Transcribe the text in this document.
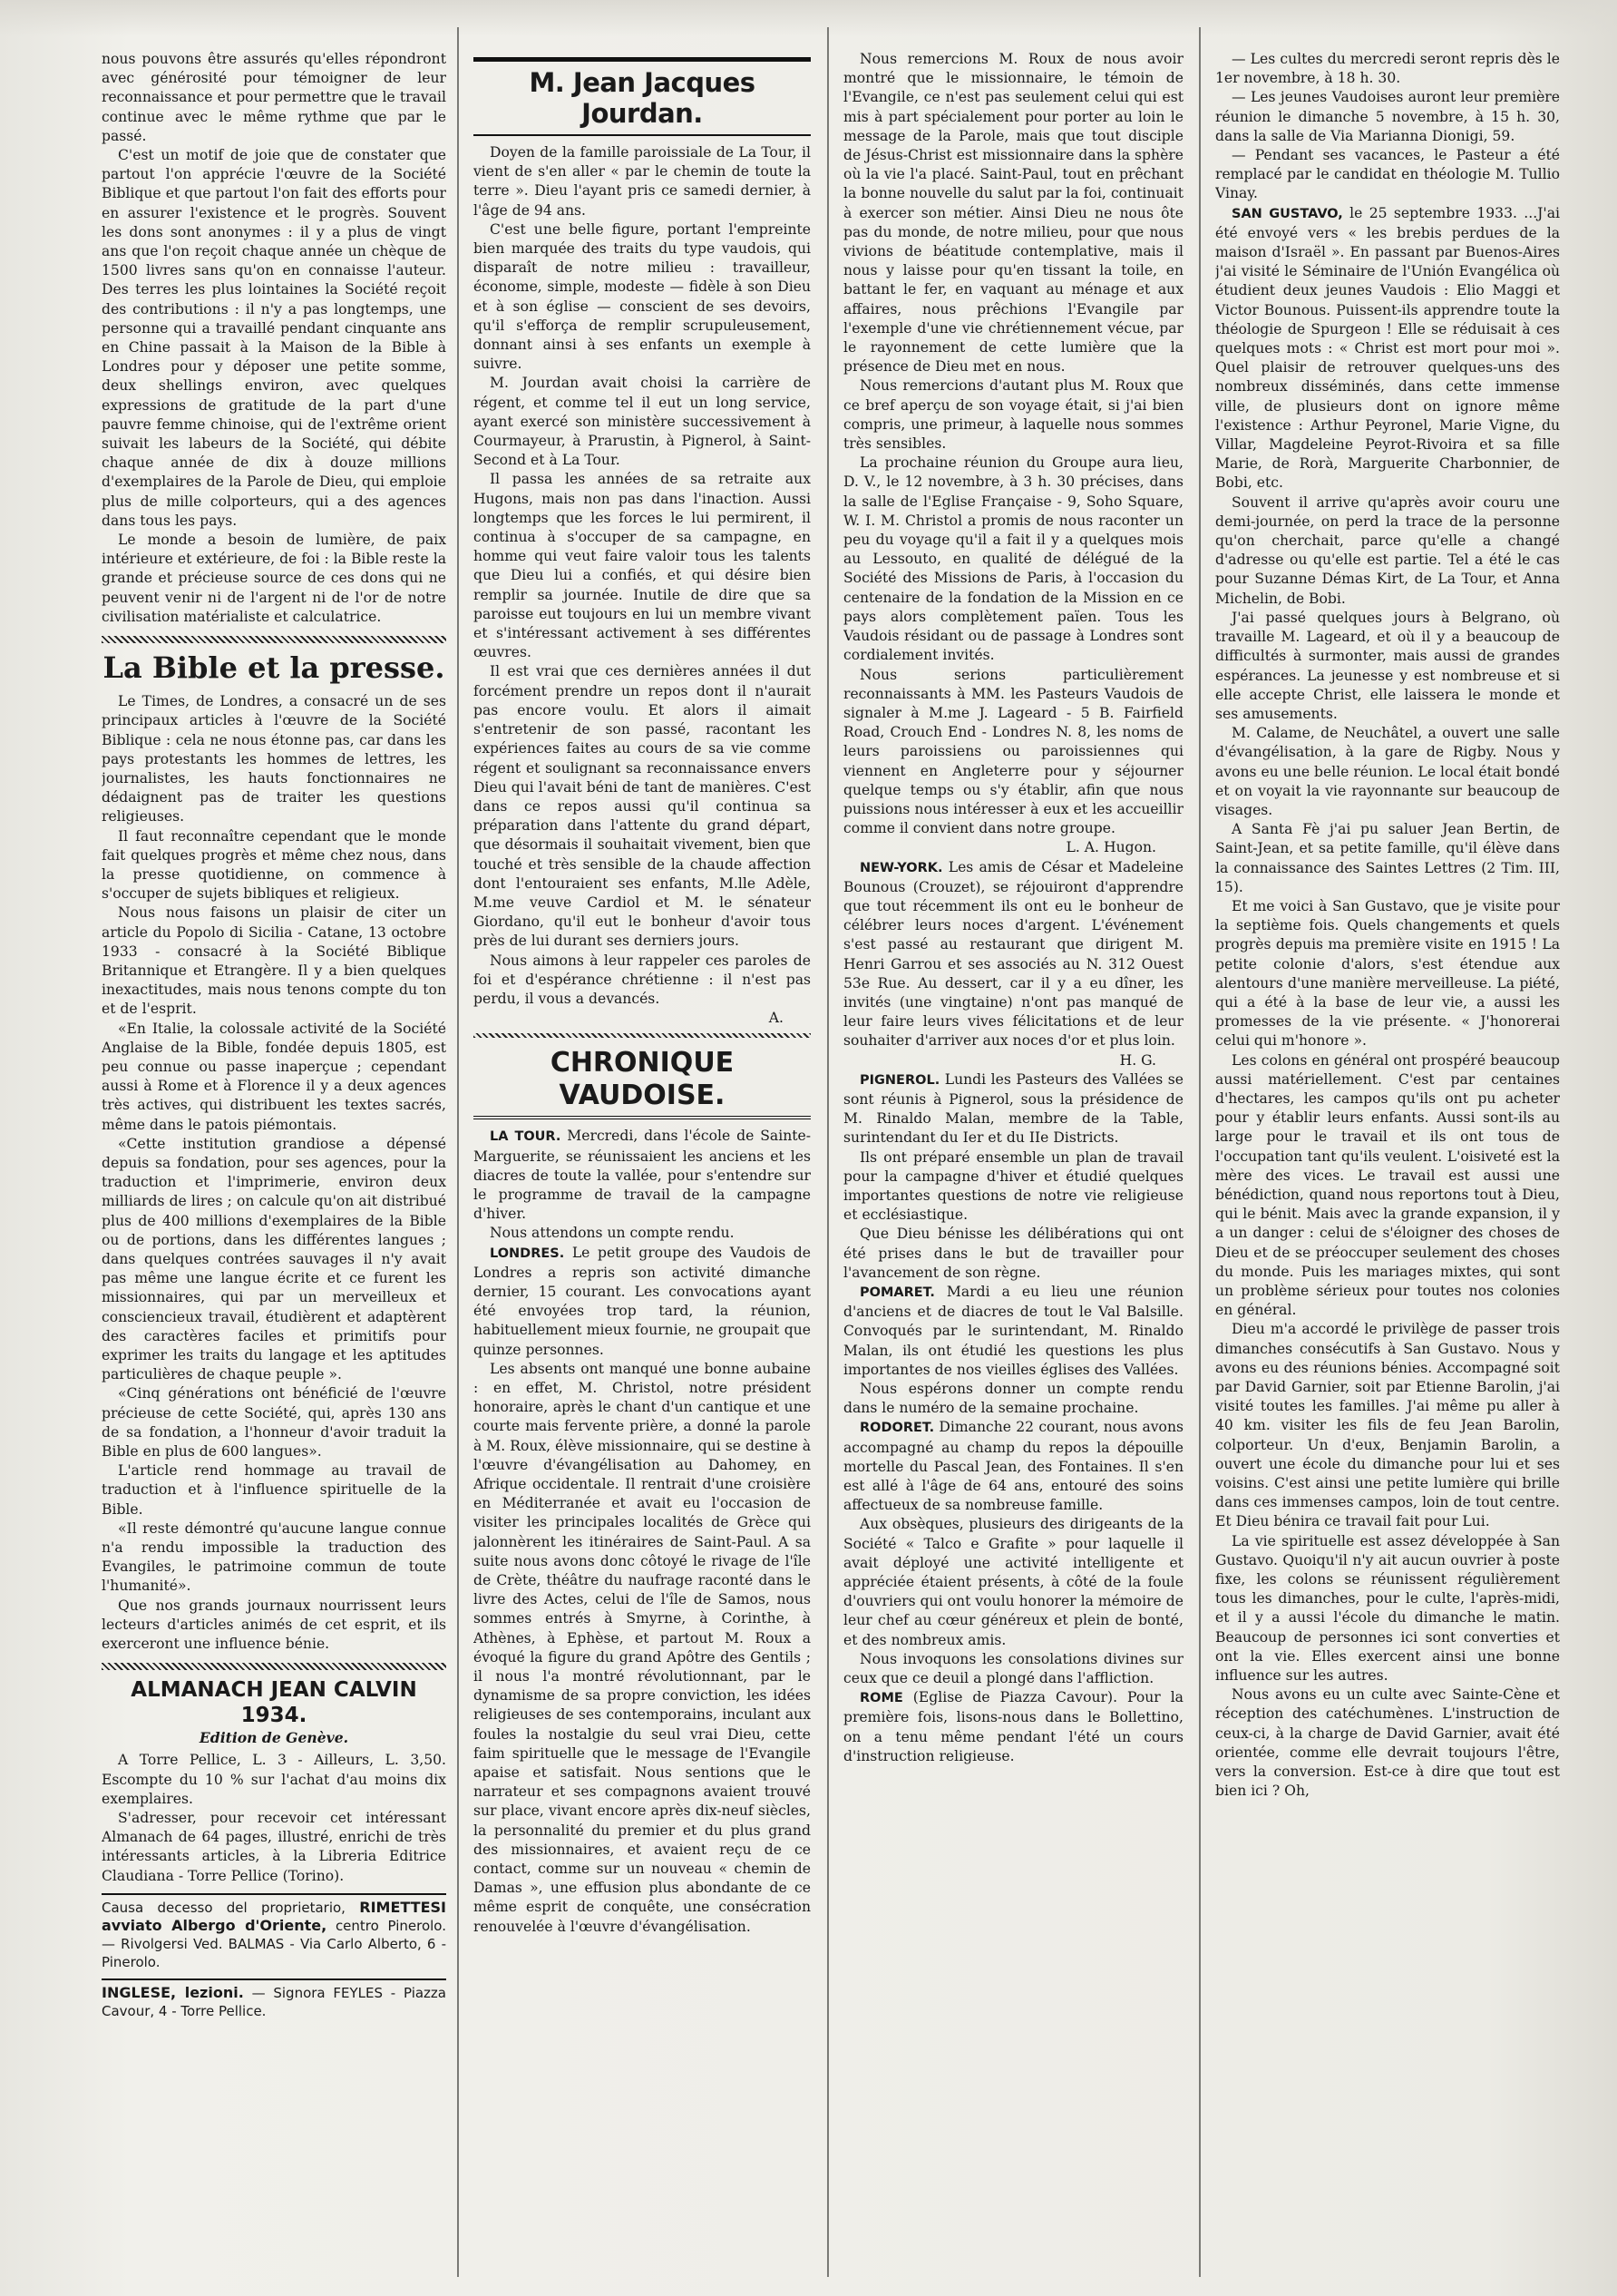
nous pouvons être assurés qu'elles répondront avec générosité pour témoigner de leur reconnaissance et pour permettre que le travail continue avec le même rythme que par le passé.

C'est un motif de joie que de constater que partout l'on apprécie l'œuvre de la Société Biblique et que partout l'on fait des efforts pour en assurer l'existence et le progrès. Souvent les dons sont anonymes : il y a plus de vingt ans que l'on reçoit chaque année un chèque de 1500 livres sans qu'on en connaisse l'auteur. Des terres les plus lointaines la Société reçoit des contributions : il n'y a pas longtemps, une personne qui a travaillé pendant cinquante ans en Chine passait à la Maison de la Bible à Londres pour y déposer une petite somme, deux shellings environ, avec quelques expressions de gratitude de la part d'une pauvre femme chinoise, qui de l'extrême orient suivait les labeurs de la Société, qui débite chaque année de dix à douze millions d'exemplaires de la Parole de Dieu, qui emploie plus de mille colporteurs, qui a des agences dans tous les pays.

Le monde a besoin de lumière, de paix intérieure et extérieure, de foi : la Bible reste la grande et précieuse source de ces dons qui ne peuvent venir ni de l'argent ni de l'or de notre civilisation matérialiste et calculatrice.

La Bible et la presse.

Le Times, de Londres, a consacré un de ses principaux articles à l'œuvre de la Société Biblique : cela ne nous étonne pas, car dans les pays protestants les hommes de lettres, les journalistes, les hauts fonctionnaires ne dédaignent pas de traiter les questions religieuses.

Il faut reconnaître cependant que le monde fait quelques progrès et même chez nous, dans la presse quotidienne, on commence à s'occuper de sujets bibliques et religieux.

Nous nous faisons un plaisir de citer un article du Popolo di Sicilia - Catane, 13 octobre 1933 - consacré à la Société Biblique Britannique et Etrangère. Il y a bien quelques inexactitudes, mais nous tenons compte du ton et de l'esprit.

«En Italie, la colossale activité de la Société Anglaise de la Bible, fondée depuis 1805, est peu connue ou passe inaperçue ; cependant aussi à Rome et à Florence il y a deux agences très actives, qui distribuent les textes sacrés, même dans le patois piémontais.

«Cette institution grandiose a dépensé depuis sa fondation, pour ses agences, pour la traduction et l'imprimerie, environ deux milliards de lires ; on calcule qu'on ait distribué plus de 400 millions d'exemplaires de la Bible ou de portions, dans les différentes langues ; dans quelques contrées sauvages il n'y avait pas même une langue écrite et ce furent les missionnaires, qui par un merveilleux et consciencieux travail, étudièrent et adaptèrent des caractères faciles et primitifs pour exprimer les traits du langage et les aptitudes particulières de chaque peuple ».

«Cinq générations ont bénéficié de l'œuvre précieuse de cette Société, qui, après 130 ans de sa fondation, a l'honneur d'avoir traduit la Bible en plus de 600 langues».

L'article rend hommage au travail de traduction et à l'influence spirituelle de la Bible.

«Il reste démontré qu'aucune langue connue n'a rendu impossible la traduction des Evangiles, le patrimoine commun de toute l'humanité».

Que nos grands journaux nourrissent leurs lecteurs d'articles animés de cet esprit, et ils exerceront une influence bénie.

ALMANACH JEAN CALVIN 1934.
Edition de Genève.

A Torre Pellice, L. 3 - Ailleurs, L. 3,50. Escompte du 10 % sur l'achat d'au moins dix exemplaires.

S'adresser, pour recevoir cet intéressant Almanach de 64 pages, illustré, enrichi de très intéressants articles, à la Libreria Editrice Claudiana - Torre Pellice (Torino).

Causa decesso del proprietario, RIMETTESI avviato Albergo d'Oriente, centro Pinerolo. — Rivolgersi Ved. BALMAS - Via Carlo Alberto, 6 - Pinerolo.
INGLESE, lezioni. — Signora FEYLES - Piazza Cavour, 4 - Torre Pellice.
M. Jean Jacques Jourdan.

Doyen de la famille paroissiale de La Tour, il vient de s'en aller « par le chemin de toute la terre ». Dieu l'ayant pris ce samedi dernier, à l'âge de 94 ans.

C'est une belle figure, portant l'empreinte bien marquée des traits du type vaudois, qui disparaît de notre milieu : travailleur, économe, simple, modeste — fidèle à son Dieu et à son église — conscient de ses devoirs, qu'il s'efforça de remplir scrupuleusement, donnant ainsi à ses enfants un exemple à suivre.

M. Jourdan avait choisi la carrière de régent, et comme tel il eut un long service, ayant exercé son ministère successivement à Courmayeur, à Prarustin, à Pignerol, à Saint-Second et à La Tour.

Il passa les années de sa retraite aux Hugons, mais non pas dans l'inaction. Aussi longtemps que les forces le lui permirent, il continua à s'occuper de sa campagne, en homme qui veut faire valoir tous les talents que Dieu lui a confiés, et qui désire bien remplir sa journée. Inutile de dire que sa paroisse eut toujours en lui un membre vivant et s'intéressant activement à ses différentes œuvres.

Il est vrai que ces dernières années il dut forcément prendre un repos dont il n'aurait pas encore voulu. Et alors il aimait s'entretenir de son passé, racontant les expériences faites au cours de sa vie comme régent et soulignant sa reconnaissance envers Dieu qui l'avait béni de tant de manières. C'est dans ce repos aussi qu'il continua sa préparation dans l'attente du grand départ, que désormais il souhaitait vivement, bien que touché et très sensible de la chaude affection dont l'entouraient ses enfants, M.lle Adèle, M.me veuve Cardiol et M. le sénateur Giordano, qu'il eut le bonheur d'avoir tous près de lui durant ses derniers jours.

Nous aimons à leur rappeler ces paroles de foi et d'espérance chrétienne : il n'est pas perdu, il vous a devancés.

A.
CHRONIQUE VAUDOISE.

LA TOUR. Mercredi, dans l'école de Sainte-Marguerite, se réunissaient les anciens et les diacres de toute la vallée, pour s'entendre sur le programme de travail de la campagne d'hiver.

Nous attendons un compte rendu.

LONDRES. Le petit groupe des Vaudois de Londres a repris son activité dimanche dernier, 15 courant. Les convocations ayant été envoyées trop tard, la réunion, habituellement mieux fournie, ne groupait que quinze personnes.

Les absents ont manqué une bonne aubaine : en effet, M. Christol, notre président honoraire, après le chant d'un cantique et une courte mais fervente prière, a donné la parole à M. Roux, élève missionnaire, qui se destine à l'œuvre d'évangélisation au Dahomey, en Afrique occidentale. Il rentrait d'une croisière en Méditerranée et avait eu l'occasion de visiter les principales localités de Grèce qui jalonnèrent les itinéraires de Saint-Paul. A sa suite nous avons donc côtoyé le rivage de l'île de Crète, théâtre du naufrage raconté dans le livre des Actes, celui de l'île de Samos, nous sommes entrés à Smyrne, à Corinthe, à Athènes, à Ephèse, et partout M. Roux a évoqué la figure du grand Apôtre des Gentils ; il nous l'a montré révolutionnant, par le dynamisme de sa propre conviction, les idées religieuses de ses contemporains, inculant aux foules la nostalgie du seul vrai Dieu, cette faim spirituelle que le message de l'Evangile apaise et satisfait. Nous sentions que le narrateur et ses compagnons avaient trouvé sur place, vivant encore après dix-neuf siècles, la personnalité du premier et du plus grand des missionnaires, et avaient reçu de ce contact, comme sur un nouveau « chemin de Damas », une effusion plus abondante de ce même esprit de conquête, une consécration renouvelée à l'œuvre d'évangélisation.

Nous remercions M. Roux de nous avoir montré que le missionnaire, le témoin de l'Evangile, ce n'est pas seulement celui qui est mis à part spécialement pour porter au loin le message de la Parole, mais que tout disciple de Jésus-Christ est missionnaire dans la sphère où la vie l'a placé. Saint-Paul, tout en prêchant la bonne nouvelle du salut par la foi, continuait à exercer son métier. Ainsi Dieu ne nous ôte pas du monde, de notre milieu, pour que nous vivions de béatitude contemplative, mais il nous y laisse pour qu'en tissant la toile, en battant le fer, en vaquant au ménage et aux affaires, nous prêchions l'Evangile par l'exemple d'une vie chrétiennement vécue, par le rayonnement de cette lumière que la présence de Dieu met en nous.

Nous remercions d'autant plus M. Roux que ce bref aperçu de son voyage était, si j'ai bien compris, une primeur, à laquelle nous sommes très sensibles.

La prochaine réunion du Groupe aura lieu, D. V., le 12 novembre, à 3 h. 30 précises, dans la salle de l'Eglise Française - 9, Soho Square, W. I. M. Christol a promis de nous raconter un peu du voyage qu'il a fait il y a quelques mois au Lessouto, en qualité de délégué de la Société des Missions de Paris, à l'occasion du centenaire de la fondation de la Mission en ce pays alors complètement païen. Tous les Vaudois résidant ou de passage à Londres sont cordialement invités.

Nous serions particulièrement reconnaissants à MM. les Pasteurs Vaudois de signaler à M.me J. Lageard - 5 B. Fairfield Road, Crouch End - Londres N. 8, les noms de leurs paroissiens ou paroissiennes qui viennent en Angleterre pour y séjourner quelque temps ou s'y établir, afin que nous puissions nous intéresser à eux et les accueillir comme il convient dans notre groupe.

L. A. Hugon.

NEW-YORK. Les amis de César et Madeleine Bounous (Crouzet), se réjouiront d'apprendre que tout récemment ils ont eu le bonheur de célébrer leurs noces d'argent. L'événement s'est passé au restaurant que dirigent M. Henri Garrou et ses associés au N. 312 Ouest 53e Rue. Au dessert, car il y a eu dîner, les invités (une vingtaine) n'ont pas manqué de leur faire leurs vives félicitations et de leur souhaiter d'arriver aux noces d'or et plus loin.

H. G.

PIGNEROL. Lundi les Pasteurs des Vallées se sont réunis à Pignerol, sous la présidence de M. Rinaldo Malan, membre de la Table, surintendant du Ier et du IIe Districts.

Ils ont préparé ensemble un plan de travail pour la campagne d'hiver et étudié quelques importantes questions de notre vie religieuse et ecclésiastique.

Que Dieu bénisse les délibérations qui ont été prises dans le but de travailler pour l'avancement de son règne.

POMARET. Mardi a eu lieu une réunion d'anciens et de diacres de tout le Val Balsille. Convoqués par le surintendant, M. Rinaldo Malan, ils ont étudié les questions les plus importantes de nos vieilles églises des Vallées.

Nous espérons donner un compte rendu dans le numéro de la semaine prochaine.

RODORET. Dimanche 22 courant, nous avons accompagné au champ du repos la dépouille mortelle du Pascal Jean, des Fontaines. Il s'en est allé à l'âge de 64 ans, entouré des soins affectueux de sa nombreuse famille.

Aux obsèques, plusieurs des dirigeants de la Société « Talco e Grafite » pour laquelle il avait déployé une activité intelligente et appréciée étaient présents, à côté de la foule d'ouvriers qui ont voulu honorer la mémoire de leur chef au cœur généreux et plein de bonté, et des nombreux amis.

Nous invoquons les consolations divines sur ceux que ce deuil a plongé dans l'affliction.

ROME (Eglise de Piazza Cavour). Pour la première fois, lisons-nous dans le Bollettino, on a tenu même pendant l'été un cours d'instruction religieuse.

— Les cultes du mercredi seront repris dès le 1er novembre, à 18 h. 30.

— Les jeunes Vaudoises auront leur première réunion le dimanche 5 novembre, à 15 h. 30, dans la salle de Via Marianna Dionigi, 59.

— Pendant ses vacances, le Pasteur a été remplacé par le candidat en théologie M. Tullio Vinay.

SAN GUSTAVO, le 25 septembre 1933. ...J'ai été envoyé vers « les brebis perdues de la maison d'Israël ». En passant par Buenos-Aires j'ai visité le Séminaire de l'Unión Evangélica où étudient deux jeunes Vaudois : Elio Maggi et Victor Bounous. Puissent-ils apprendre toute la théologie de Spurgeon ! Elle se réduisait à ces quelques mots : « Christ est mort pour moi ». Quel plaisir de retrouver quelques-uns des nombreux disséminés, dans cette immense ville, de plusieurs dont on ignore même l'existence : Arthur Peyronel, Marie Vigne, du Villar, Magdeleine Peyrot-Rivoira et sa fille Marie, de Rorà, Marguerite Charbonnier, de Bobi, etc.

Souvent il arrive qu'après avoir couru une demi-journée, on perd la trace de la personne qu'on cherchait, parce qu'elle a changé d'adresse ou qu'elle est partie. Tel a été le cas pour Suzanne Démas Kirt, de La Tour, et Anna Michelin, de Bobi.

J'ai passé quelques jours à Belgrano, où travaille M. Lageard, et où il y a beaucoup de difficultés à surmonter, mais aussi de grandes espérances. La jeunesse y est nombreuse et si elle accepte Christ, elle laissera le monde et ses amusements.

M. Calame, de Neuchâtel, a ouvert une salle d'évangélisation, à la gare de Rigby. Nous y avons eu une belle réunion. Le local était bondé et on voyait la vie rayonnante sur beaucoup de visages.

A Santa Fè j'ai pu saluer Jean Bertin, de Saint-Jean, et sa petite famille, qu'il élève dans la connaissance des Saintes Lettres (2 Tim. III, 15).

Et me voici à San Gustavo, que je visite pour la septième fois. Quels changements et quels progrès depuis ma première visite en 1915 ! La petite colonie d'alors, s'est étendue aux alentours d'une manière merveilleuse. La piété, qui a été à la base de leur vie, a aussi les promesses de la vie présente. « J'honorerai celui qui m'honore ».

Les colons en général ont prospéré beaucoup aussi matériellement. C'est par centaines d'hectares, les campos qu'ils ont pu acheter pour y établir leurs enfants. Aussi sont-ils au large pour le travail et ils ont tous de l'occupation tant qu'ils veulent. L'oisiveté est la mère des vices. Le travail est aussi une bénédiction, quand nous reportons tout à Dieu, qui le bénit. Mais avec la grande expansion, il y a un danger : celui de s'éloigner des choses de Dieu et de se préoccuper seulement des choses du monde. Puis les mariages mixtes, qui sont un problème sérieux pour toutes nos colonies en général.

Dieu m'a accordé le privilège de passer trois dimanches consécutifs à San Gustavo. Nous y avons eu des réunions bénies. Accompagné soit par David Garnier, soit par Etienne Barolin, j'ai visité toutes les familles. J'ai même pu aller à 40 km. visiter les fils de feu Jean Barolin, colporteur. Un d'eux, Benjamin Barolin, a ouvert une école du dimanche pour lui et ses voisins. C'est ainsi une petite lumière qui brille dans ces immenses campos, loin de tout centre. Et Dieu bénira ce travail fait pour Lui.

La vie spirituelle est assez développée à San Gustavo. Quoiqu'il n'y ait aucun ouvrier à poste fixe, les colons se réunissent régulièrement tous les dimanches, pour le culte, l'après-midi, et il y a aussi l'école du dimanche le matin. Beaucoup de personnes ici sont converties et ont la vie. Elles exercent ainsi une bonne influence sur les autres.

Nous avons eu un culte avec Sainte-Cène et réception des catéchumènes. L'instruction de ceux-ci, à la charge de David Garnier, avait été orientée, comme elle devrait toujours l'être, vers la conversion. Est-ce à dire que tout est bien ici ? Oh,
